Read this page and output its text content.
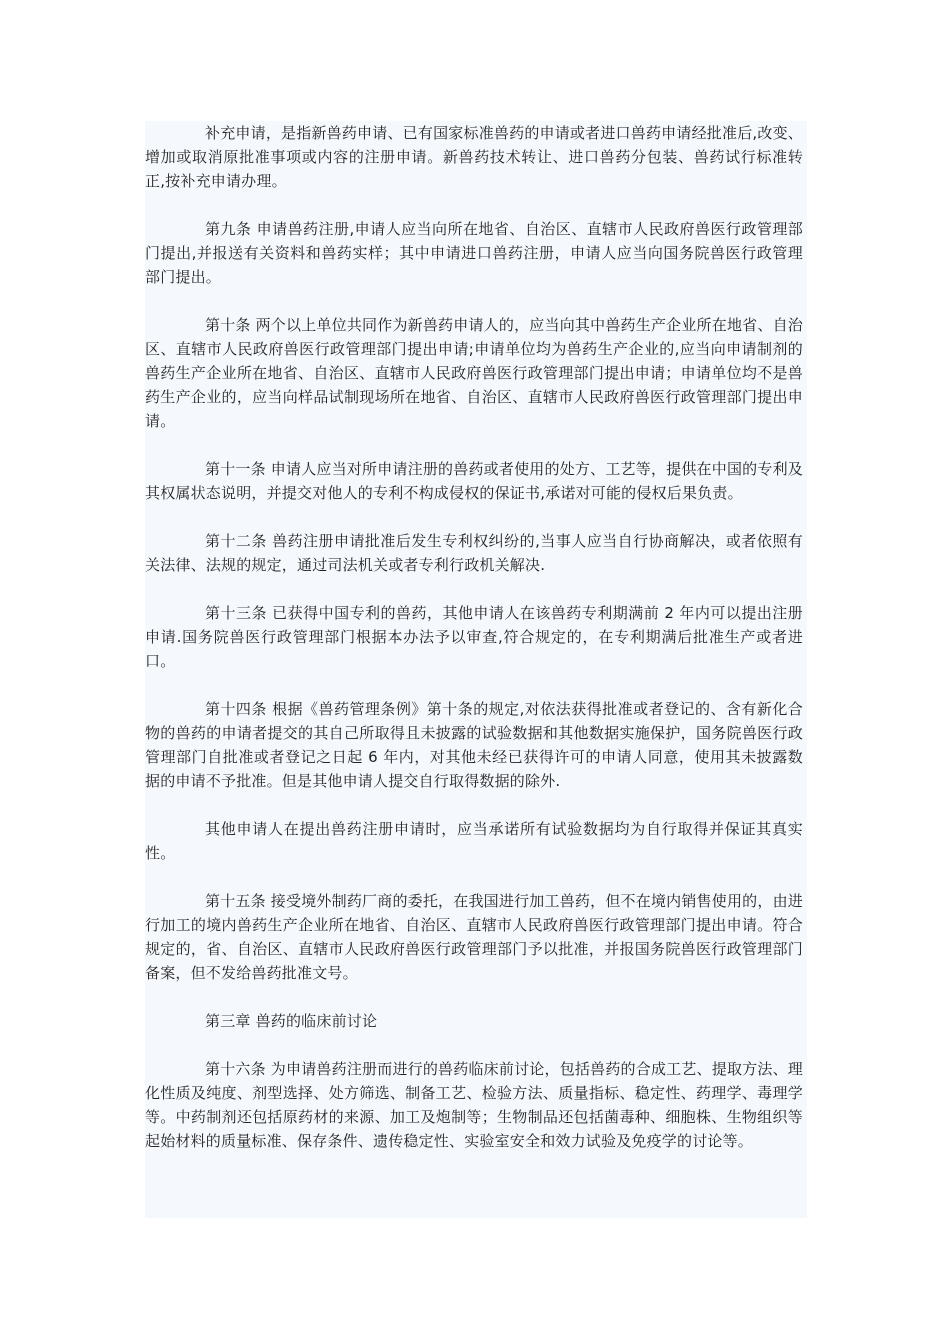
补充申请，是指新兽药申请、已有国家标准兽药的申请或者进口兽药申请经批准后,改变、增加或取消原批准事项或内容的注册申请。新兽药技术转让、进口兽药分包装、兽药试行标准转正,按补充申请办理。

第九条 申请兽药注册,申请人应当向所在地省、自治区、直辖市人民政府兽医行政管理部门提出,并报送有关资料和兽药实样；其中申请进口兽药注册，申请人应当向国务院兽医行政管理部门提出。

第十条 两个以上单位共同作为新兽药申请人的，应当向其中兽药生产企业所在地省、自治区、直辖市人民政府兽医行政管理部门提出申请;申请单位均为兽药生产企业的,应当向申请制剂的兽药生产企业所在地省、自治区、直辖市人民政府兽医行政管理部门提出申请；申请单位均不是兽药生产企业的，应当向样品试制现场所在地省、自治区、直辖市人民政府兽医行政管理部门提出申请。

第十一条 申请人应当对所申请注册的兽药或者使用的处方、工艺等，提供在中国的专利及其权属状态说明，并提交对他人的专利不构成侵权的保证书,承诺对可能的侵权后果负责。

第十二条 兽药注册申请批准后发生专利权纠纷的,当事人应当自行协商解决，或者依照有关法律、法规的规定，通过司法机关或者专利行政机关解决.

第十三条 已获得中国专利的兽药，其他申请人在该兽药专利期满前 2 年内可以提出注册申请.国务院兽医行政管理部门根据本办法予以审查,符合规定的，在专利期满后批准生产或者进口。

第十四条 根据《兽药管理条例》第十条的规定,对依法获得批准或者登记的、含有新化合物的兽药的申请者提交的其自己所取得且未披露的试验数据和其他数据实施保护，国务院兽医行政管理部门自批准或者登记之日起 6 年内，对其他未经已获得许可的申请人同意，使用其未披露数据的申请不予批准。但是其他申请人提交自行取得数据的除外.

其他申请人在提出兽药注册申请时，应当承诺所有试验数据均为自行取得并保证其真实性。

第十五条 接受境外制药厂商的委托，在我国进行加工兽药，但不在境内销售使用的，由进行加工的境内兽药生产企业所在地省、自治区、直辖市人民政府兽医行政管理部门提出申请。符合规定的，省、自治区、直辖市人民政府兽医行政管理部门予以批准，并报国务院兽医行政管理部门备案，但不发给兽药批准文号。

第三章 兽药的临床前讨论

第十六条 为申请兽药注册而进行的兽药临床前讨论，包括兽药的合成工艺、提取方法、理化性质及纯度、剂型选择、处方筛选、制备工艺、检验方法、质量指标、稳定性、药理学、毒理学等。中药制剂还包括原药材的来源、加工及炮制等；生物制品还包括菌毒种、细胞株、生物组织等起始材料的质量标准、保存条件、遗传稳定性、实验室安全和效力试验及免疫学的讨论等。
